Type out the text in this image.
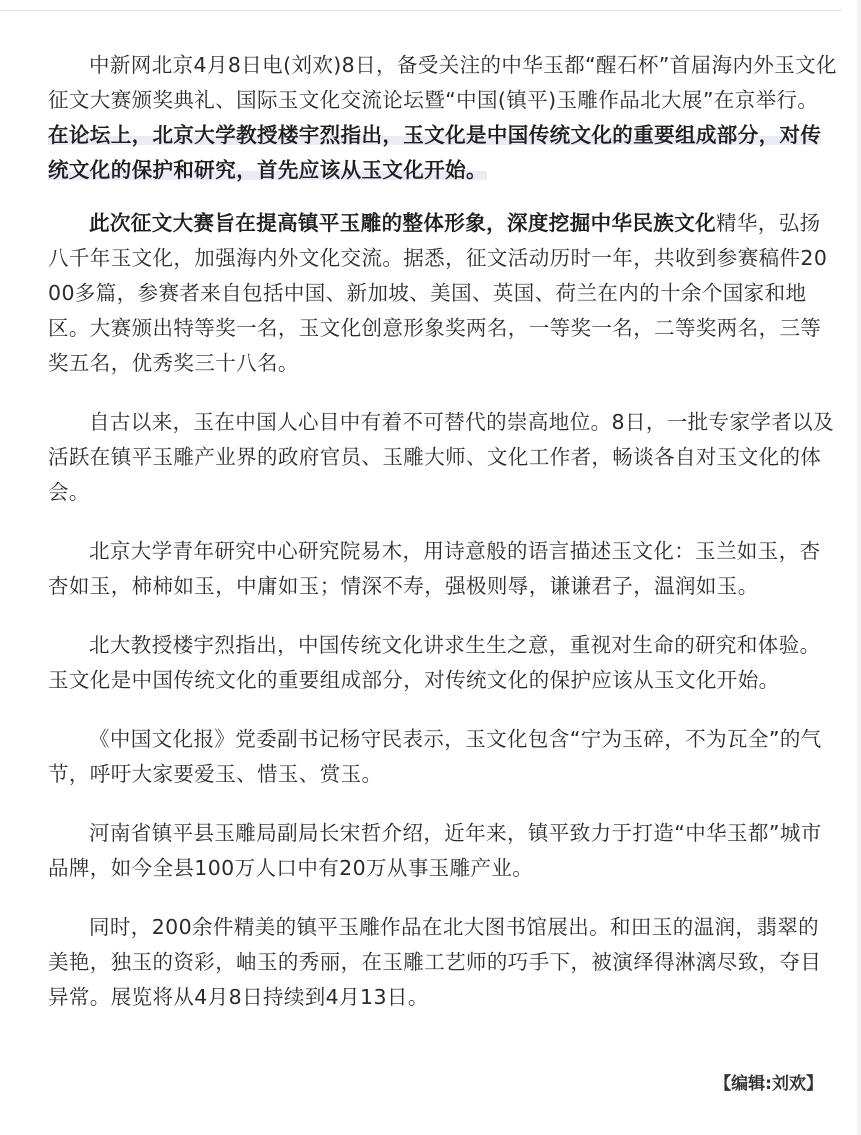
中新网北京4月8日电(刘欢)8日，备受关注的中华玉都“醒石杯”首届海内外玉文化征文大赛颁奖典礼、国际玉文化交流论坛暨“中国(镇平)玉雕作品北大展”在京举行。在论坛上，北京大学教授楼宇烈指出，玉文化是中国传统文化的重要组成部分，对传统文化的保护和研究，首先应该从玉文化开始。

此次征文大赛旨在提高镇平玉雕的整体形象，深度挖掘中华民族文化精华，弘扬八千年玉文化，加强海内外文化交流。据悉，征文活动历时一年，共收到参赛稿件2000多篇，参赛者来自包括中国、新加坡、美国、英国、荷兰在内的十余个国家和地区。大赛颁出特等奖一名，玉文化创意形象奖两名，一等奖一名，二等奖两名，三等奖五名，优秀奖三十八名。

自古以来，玉在中国人心目中有着不可替代的崇高地位。8日，一批专家学者以及活跃在镇平玉雕产业界的政府官员、玉雕大师、文化工作者，畅谈各自对玉文化的体会。

北京大学青年研究中心研究院易木，用诗意般的语言描述玉文化：玉兰如玉，杏杏如玉，柿柿如玉，中庸如玉；情深不寿，强极则辱，谦谦君子，温润如玉。

北大教授楼宇烈指出，中国传统文化讲求生生之意，重视对生命的研究和体验。玉文化是中国传统文化的重要组成部分，对传统文化的保护应该从玉文化开始。

《中国文化报》党委副书记杨守民表示，玉文化包含“宁为玉碎，不为瓦全”的气节，呼吁大家要爱玉、惜玉、赏玉。

河南省镇平县玉雕局副局长宋哲介绍，近年来，镇平致力于打造“中华玉都”城市品牌，如今全县100万人口中有20万从事玉雕产业。

同时，200余件精美的镇平玉雕作品在北大图书馆展出。和田玉的温润，翡翠的美艳，独玉的资彩，岫玉的秀丽，在玉雕工艺师的巧手下，被演绎得淋漓尽致，夺目异常。展览将从4月8日持续到4月13日。

【编辑:刘欢】
